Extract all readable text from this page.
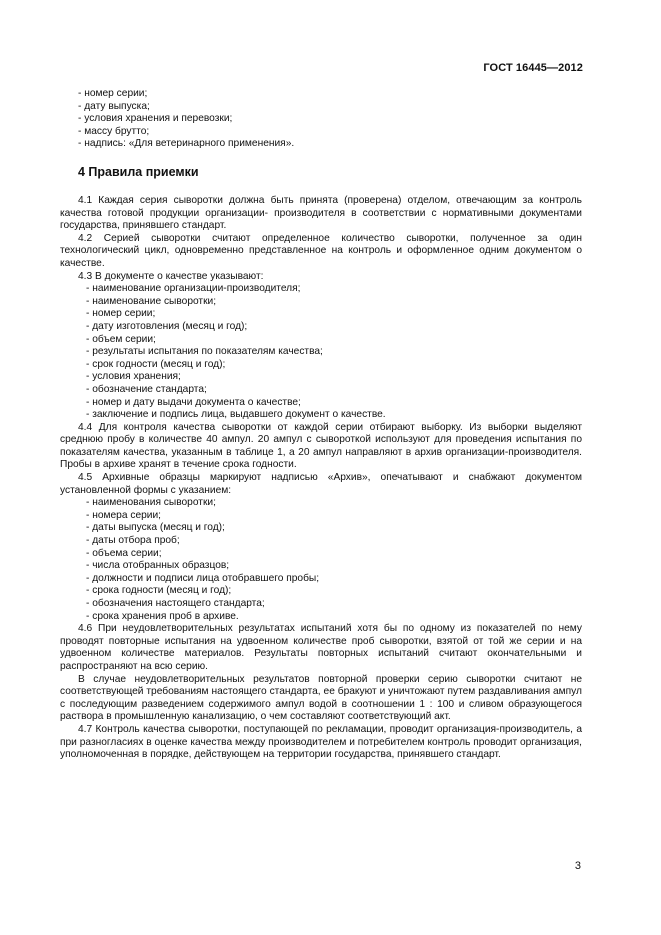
ГОСТ 16445—2012
- номер серии;
- дату выпуска;
- условия хранения и перевозки;
- массу брутто;
- надпись: «Для ветеринарного применения».
4 Правила приемки

4.1 Каждая серия сыворотки должна быть принята (проверена) отделом, отвечающим за контроль качества готовой продукции организации- производителя в соответствии с нормативными документами государства, принявшего стандарт.

4.2 Серией сыворотки считают определенное количество сыворотки, полученное за один технологический цикл, одновременно представленное на контроль и оформленное одним документом о качестве.

4.3 В документе о качестве указывают:

- наименование организации-производителя;

- наименование сыворотки;

- номер серии;

- дату изготовления (месяц и год);

- объем серии;

- результаты испытания по показателям качества;

- срок годности (месяц и год);

- условия хранения;

- обозначение стандарта;

- номер и дату выдачи документа о качестве;

- заключение и подпись лица, выдавшего документ о качестве.

4.4 Для контроля качества сыворотки от каждой серии отбирают выборку. Из выборки выделяют среднюю пробу в количестве 40 ампул. 20 ампул с сывороткой используют для проведения испытания по показателям качества, указанным в таблице 1, а 20 ампул направляют в архив организации-производителя. Пробы в архиве хранят в течение срока годности.

4.5 Архивные образцы маркируют надписью «Архив», опечатывают и снабжают документом установленной формы с указанием:

- наименования сыворотки;

- номера серии;

- даты выпуска (месяц и год);

- даты отбора проб;

- объема серии;

- числа отобранных образцов;

- должности и подписи лица отобравшего пробы;

- срока годности (месяц и год);

- обозначения настоящего стандарта;

- срока хранения проб в архиве.

4.6 При неудовлетворительных результатах испытаний хотя бы по одному из показателей по нему проводят повторные испытания на удвоенном количестве проб сыворотки, взятой от той же серии и на удвоенном количестве материалов. Результаты повторных испытаний считают окончательными и распространяют на всю серию.

В случае неудовлетворительных результатов повторной проверки серию сыворотки считают не соответствующей требованиям настоящего стандарта, ее бракуют и уничтожают путем раздавливания ампул с последующим разведением содержимого ампул водой в соотношении 1 : 100 и сливом образующегося раствора в промышленную канализацию, о чем составляют соответствующий акт.

4.7 Контроль качества сыворотки, поступающей по рекламации, проводит организация-производитель, а при разногласиях в оценке качества между производителем и потребителем контроль проводит организация, уполномоченная в порядке, действующем на территории государства, принявшего стандарт.

3
